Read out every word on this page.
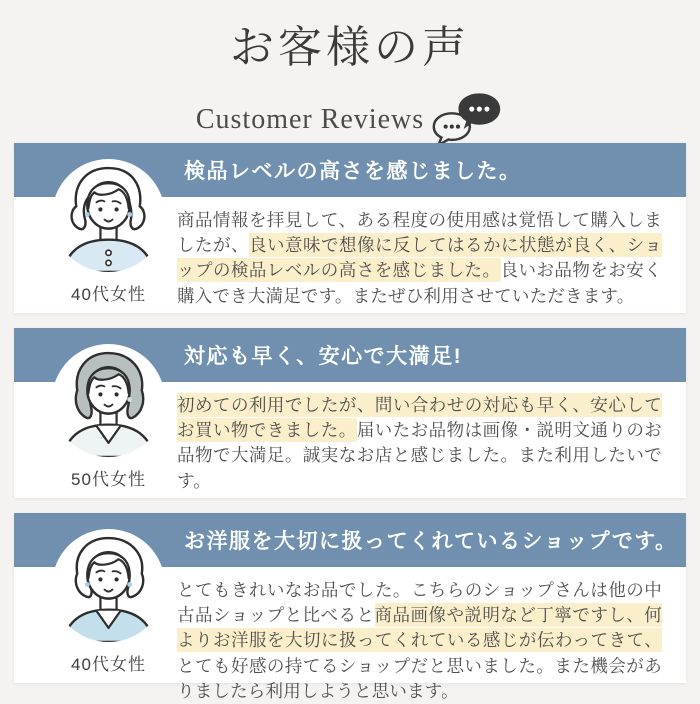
お客様の声
Customer Reviews
検品レベルの高さを感じました。
40代女性

商品情報を拝見して、ある程度の使用感は覚悟して購入しましたが、良い意味で想像に反してはるかに状態が良く、ショップの検品レベルの高さを感じました。良いお品物をお安く購入でき大満足です。またぜひ利用させていただきます。

対応も早く、安心で大満足!
50代女性

初めての利用でしたが、問い合わせの対応も早く、安心してお買い物できました。届いたお品物は画像・説明文通りのお品物で大満足。誠実なお店と感じました。また利用したいです。

お洋服を大切に扱ってくれているショップです。
40代女性

とてもきれいなお品でした。こちらのショップさんは他の中古品ショップと比べると商品画像や説明など丁寧ですし、何よりお洋服を大切に扱ってくれている感じが伝わってきて、とても好感の持てるショップだと思いました。また機会がありましたら利用しようと思います。
